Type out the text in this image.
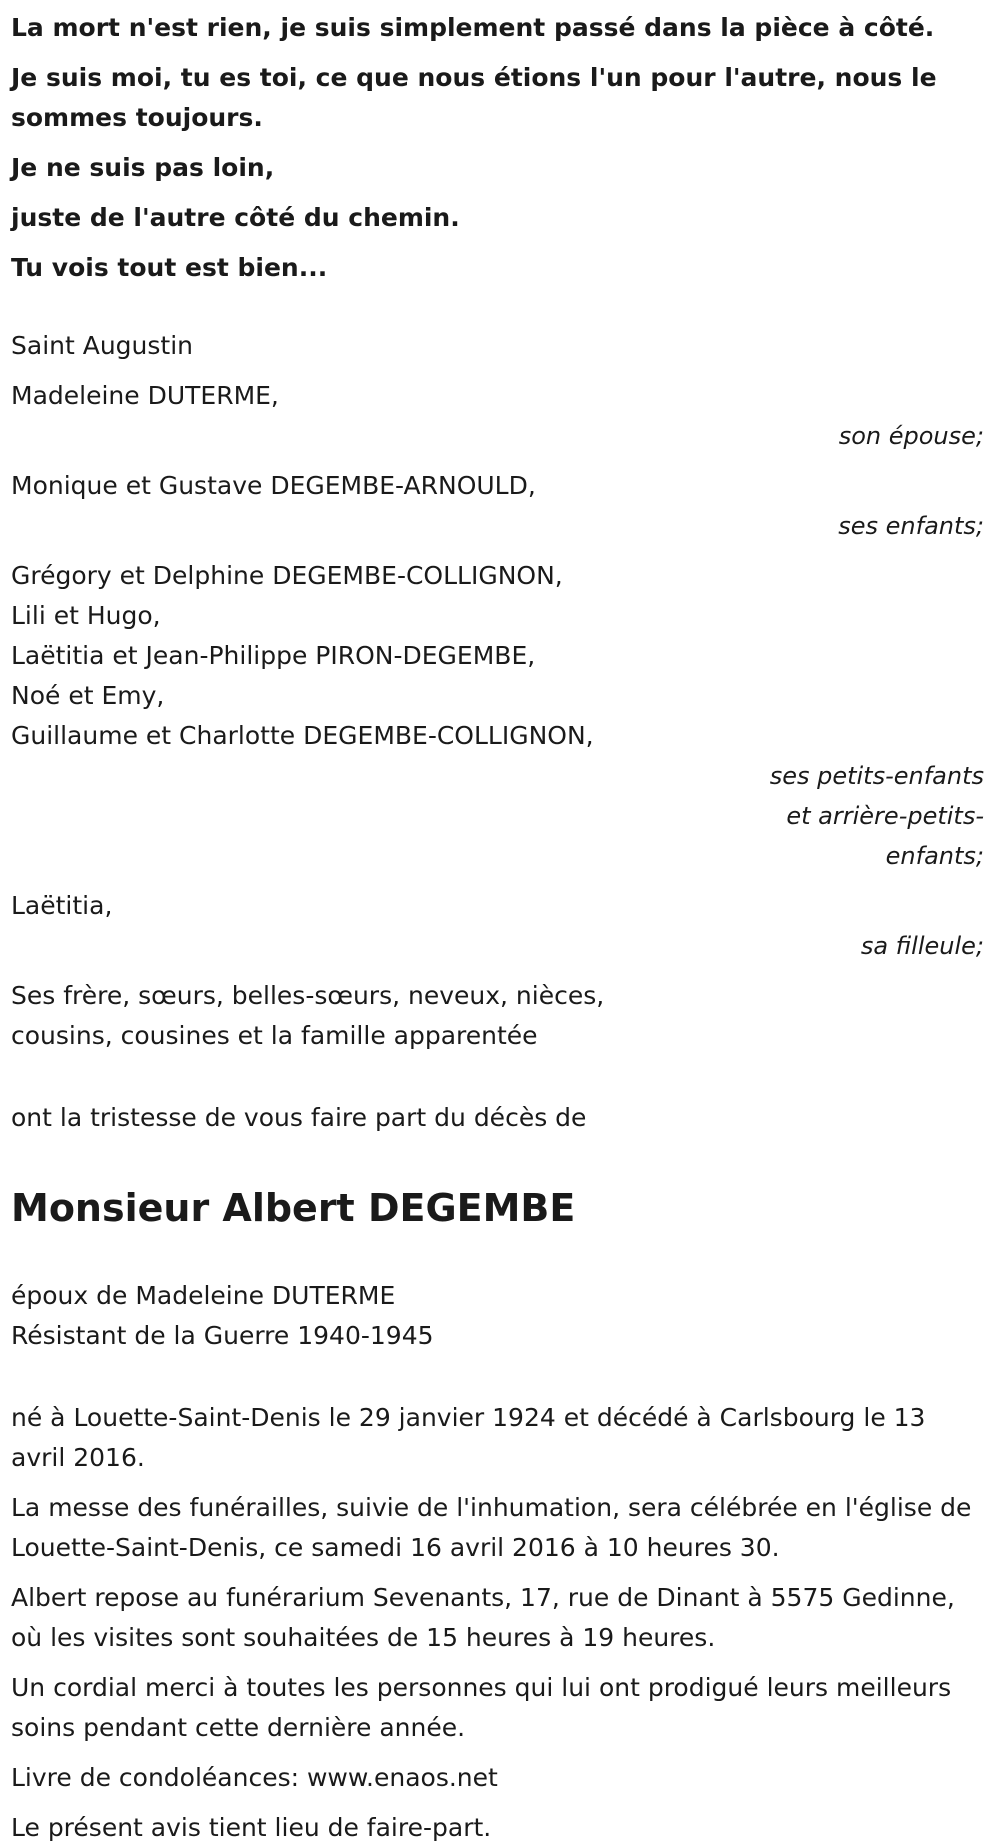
La mort n'est rien, je suis simplement passé dans la pièce à côté.

Je suis moi, tu es toi, ce que nous étions l'un pour l'autre, nous le sommes toujours.

Je ne suis pas loin,

juste de l'autre côté du chemin.

Tu vois tout est bien...

Saint Augustin

Madeleine DUTERME,

son épouse;

Monique et Gustave DEGEMBE-ARNOULD,

ses enfants;

Grégory et Delphine DEGEMBE-COLLIGNON,

Lili et Hugo,

Laëtitia et Jean-Philippe PIRON-DEGEMBE,

Noé et Emy,

Guillaume et Charlotte DEGEMBE-COLLIGNON,

ses petits-enfants
et arrière-petits-
enfants;

Laëtitia,

sa filleule;

Ses frère, sœurs, belles-sœurs, neveux, nièces,

cousins, cousines et la famille apparentée

ont la tristesse de vous faire part du décès de
Monsieur Albert DEGEMBE

époux de Madeleine DUTERME

Résistant de la Guerre 1940-1945

né à Louette-Saint-Denis le 29 janvier 1924 et décédé à Carlsbourg le 13 avril 2016.

La messe des funérailles, suivie de l'inhumation, sera célébrée en l'église de Louette-Saint-Denis, ce samedi 16 avril 2016 à 10 heures 30.

Albert repose au funérarium Sevenants, 17, rue de Dinant à 5575 Gedinne, où les visites sont souhaitées de 15 heures à 19 heures.

Un cordial merci à toutes les personnes qui lui ont prodigué leurs meilleurs soins pendant cette dernière année.

Livre de condoléances: www.enaos.net

Le présent avis tient lieu de faire-part.
